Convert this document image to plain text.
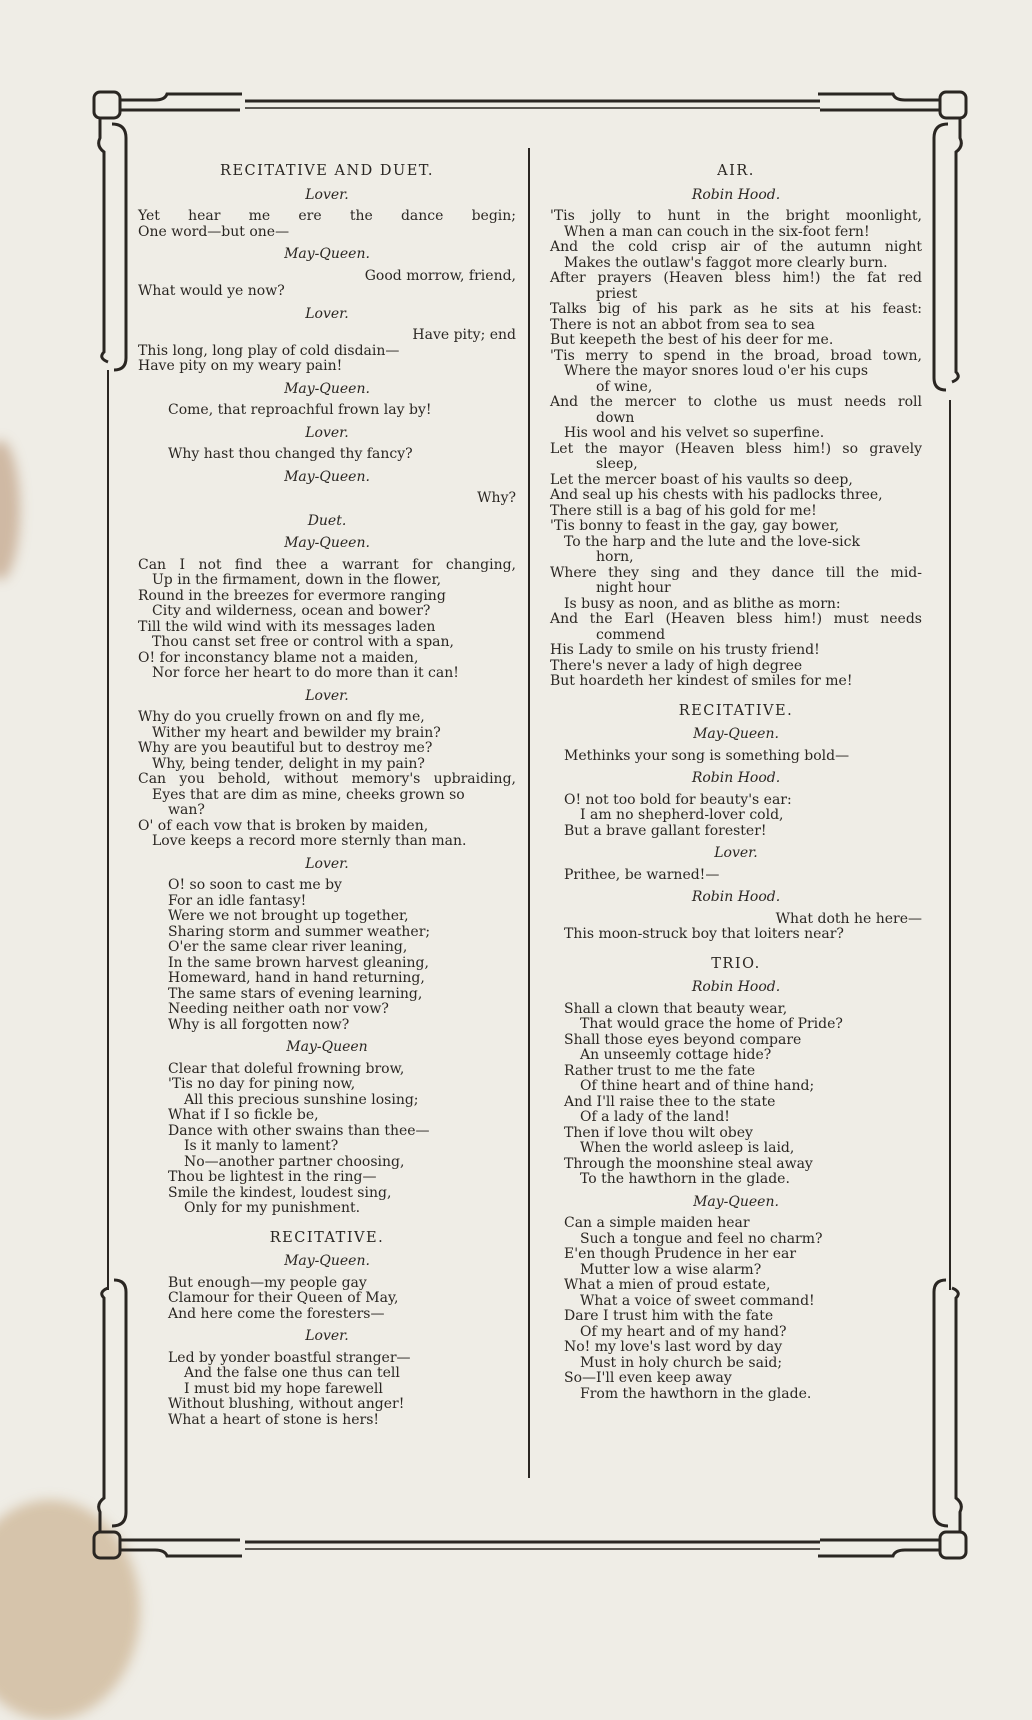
RECITATIVE AND DUET.
Lover.
Yet hear me ere the dance begin;
One word—but one—
May-Queen.
Good morrow, friend,
What would ye now?
Lover.
Have pity; end
This long, long play of cold disdain—
Have pity on my weary pain!
May-Queen.
Come, that reproachful frown lay by!
Lover.
Why hast thou changed thy fancy?
May-Queen.
Why?
Duet.
May-Queen.
Can I not find thee a warrant for changing,
Up in the firmament, down in the flower,
Round in the breezes for evermore ranging
City and wilderness, ocean and bower?
Till the wild wind with its messages laden
Thou canst set free or control with a span,
O! for inconstancy blame not a maiden,
Nor force her heart to do more than it can!
Lover.
Why do you cruelly frown on and fly me,
Wither my heart and bewilder my brain?
Why are you beautiful but to destroy me?
Why, being tender, delight in my pain?
Can you behold, without memory's upbraiding,
Eyes that are dim as mine, cheeks grown so
wan?
O' of each vow that is broken by maiden,
Love keeps a record more sternly than man.
Lover.
O! so soon to cast me by
For an idle fantasy!
Were we not brought up together,
Sharing storm and summer weather;
O'er the same clear river leaning,
In the same brown harvest gleaning,
Homeward, hand in hand returning,
The same stars of evening learning,
Needing neither oath nor vow?
Why is all forgotten now?
May-Queen
Clear that doleful frowning brow,
'Tis no day for pining now,
All this precious sunshine losing;
What if I so fickle be,
Dance with other swains than thee—
Is it manly to lament?
No—another partner choosing,
Thou be lightest in the ring—
Smile the kindest, loudest sing,
Only for my punishment.
RECITATIVE.
May-Queen.
But enough—my people gay
Clamour for their Queen of May,
And here come the foresters—
Lover.
Led by yonder boastful stranger—
And the false one thus can tell
I must bid my hope farewell
Without blushing, without anger!
What a heart of stone is hers!
AIR.
Robin Hood.
'Tis jolly to hunt in the bright moonlight,
When a man can couch in the six-foot fern!
And the cold crisp air of the autumn night
Makes the outlaw's faggot more clearly burn.
After prayers (Heaven bless him!) the fat red
priest
Talks big of his park as he sits at his feast:
There is not an abbot from sea to sea
But keepeth the best of his deer for me.
'Tis merry to spend in the broad, broad town,
Where the mayor snores loud o'er his cups
of wine,
And the mercer to clothe us must needs roll
down
His wool and his velvet so superfine.
Let the mayor (Heaven bless him!) so gravely
sleep,
Let the mercer boast of his vaults so deep,
And seal up his chests with his padlocks three,
There still is a bag of his gold for me!
'Tis bonny to feast in the gay, gay bower,
To the harp and the lute and the love-sick
horn,
Where they sing and they dance till the mid-
night hour
Is busy as noon, and as blithe as morn:
And the Earl (Heaven bless him!) must needs
commend
His Lady to smile on his trusty friend!
There's never a lady of high degree
But hoardeth her kindest of smiles for me!
RECITATIVE.
May-Queen.
Methinks your song is something bold—
Robin Hood.
O! not too bold for beauty's ear:
I am no shepherd-lover cold,
But a brave gallant forester!
Lover.
Prithee, be warned!—
Robin Hood.
What doth he here—
This moon-struck boy that loiters near?
TRIO.
Robin Hood.
Shall a clown that beauty wear,
That would grace the home of Pride?
Shall those eyes beyond compare
An unseemly cottage hide?
Rather trust to me the fate
Of thine heart and of thine hand;
And I'll raise thee to the state
Of a lady of the land!
Then if love thou wilt obey
When the world asleep is laid,
Through the moonshine steal away
To the hawthorn in the glade.
May-Queen.
Can a simple maiden hear
Such a tongue and feel no charm?
E'en though Prudence in her ear
Mutter low a wise alarm?
What a mien of proud estate,
What a voice of sweet command!
Dare I trust him with the fate
Of my heart and of my hand?
No! my love's last word by day
Must in holy church be said;
So—I'll even keep away
From the hawthorn in the glade.
